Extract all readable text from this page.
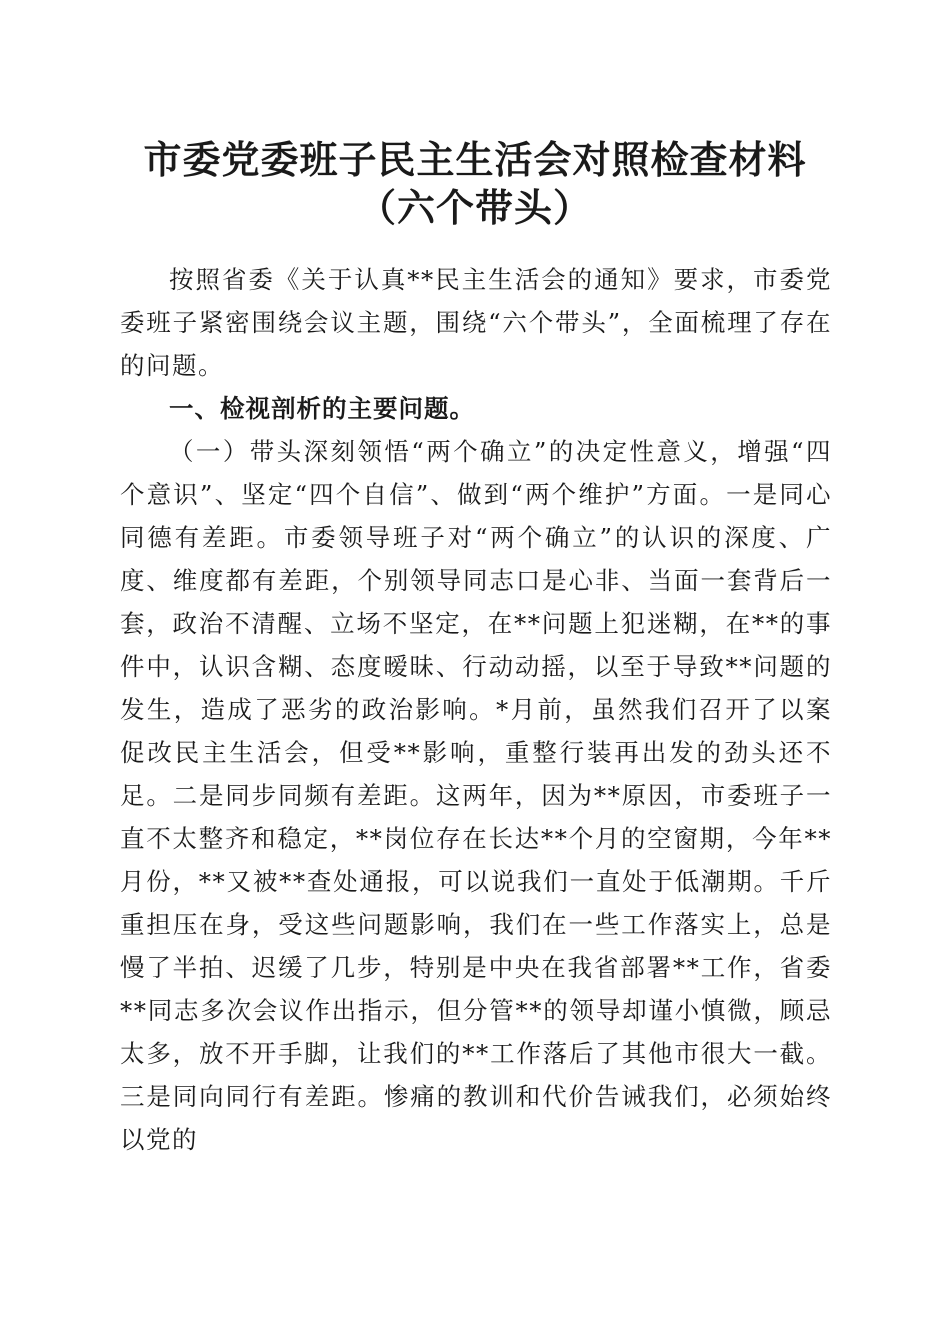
市委党委班子民主生活会对照检查材料（六个带头）

按照省委《关于认真**民主生活会的通知》要求，市委党委班子紧密围绕会议主题，围绕“六个带头”，全面梳理了存在的问题。

一、检视剖析的主要问题。

（一）带头深刻领悟“两个确立”的决定性意义，增强“四个意识”、坚定“四个自信”、做到“两个维护”方面。一是同心同德有差距。市委领导班子对“两个确立”的认识的深度、广度、维度都有差距，个别领导同志口是心非、当面一套背后一套，政治不清醒、立场不坚定，在**问题上犯迷糊，在**的事件中，认识含糊、态度暧昧、行动动摇，以至于导致**问题的发生，造成了恶劣的政治影响。*月前，虽然我们召开了以案促改民主生活会，但受**影响，重整行装再出发的劲头还不足。二是同步同频有差距。这两年，因为**原因，市委班子一直不太整齐和稳定，**岗位存在长达**个月的空窗期，今年**月份，**又被**查处通报，可以说我们一直处于低潮期。千斤重担压在身，受这些问题影响，我们在一些工作落实上，总是慢了半拍、迟缓了几步，特别是中央在我省部署**工作，省委**同志多次会议作出指示，但分管**的领导却谨小慎微，顾忌太多，放不开手脚，让我们的**工作落后了其他市很大一截。三是同向同行有差距。惨痛的教训和代价告诫我们，必须始终以党的
